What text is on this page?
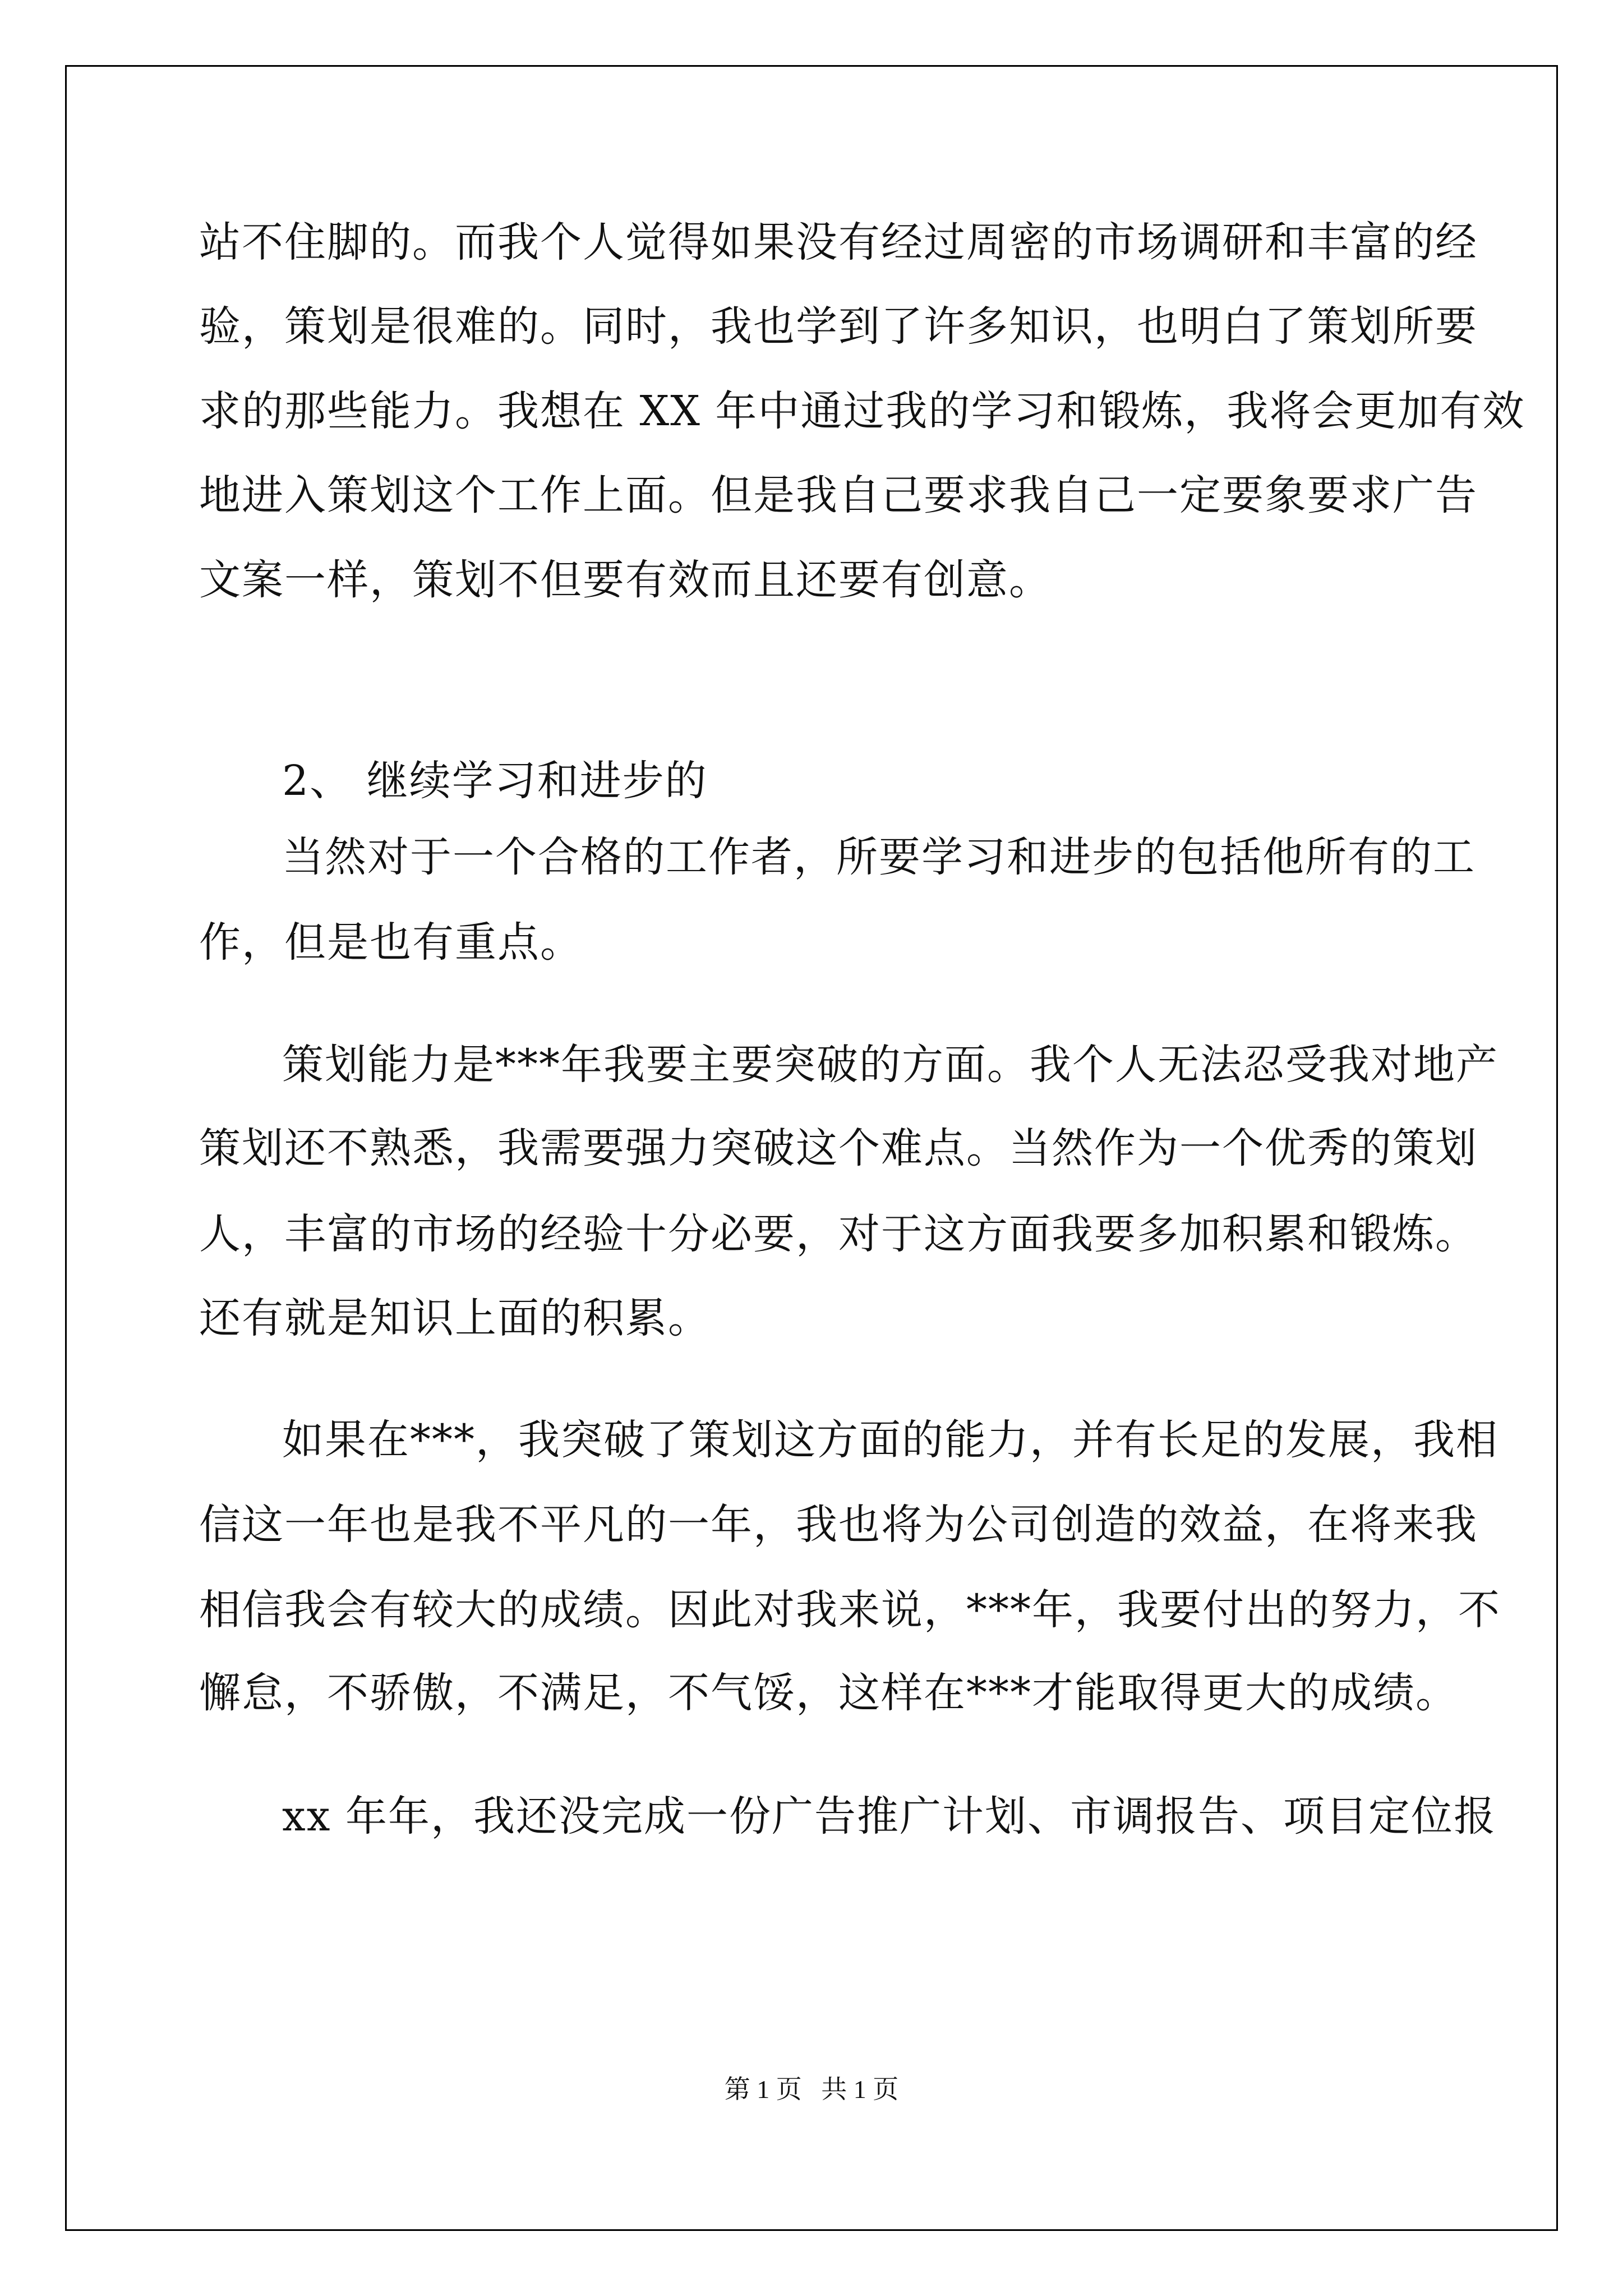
站不住脚的。而我个人觉得如果没有经过周密的市场调研和丰富的经

验，策划是很难的。同时，我也学到了许多知识，也明白了策划所要

求的那些能力。我想在 XX 年中通过我的学习和锻炼，我将会更加有效

地进入策划这个工作上面。但是我自己要求我自己一定要象要求广告

文案一样，策划不但要有效而且还要有创意。

2、 继续学习和进步的

当然对于一个合格的工作者，所要学习和进步的包括他所有的工

作，但是也有重点。

策划能力是***年我要主要突破的方面。我个人无法忍受我对地产

策划还不熟悉，我需要强力突破这个难点。当然作为一个优秀的策划

人，丰富的市场的经验十分必要，对于这方面我要多加积累和锻炼。

还有就是知识上面的积累。

如果在***，我突破了策划这方面的能力，并有长足的发展，我相

信这一年也是我不平凡的一年，我也将为公司创造的效益，在将来我

相信我会有较大的成绩。因此对我来说，***年，我要付出的努力，不

懈怠，不骄傲，不满足，不气馁，这样在***才能取得更大的成绩。

xx 年年，我还没完成一份广告推广计划、市调报告、项目定位报

第 1 页 共 1 页
